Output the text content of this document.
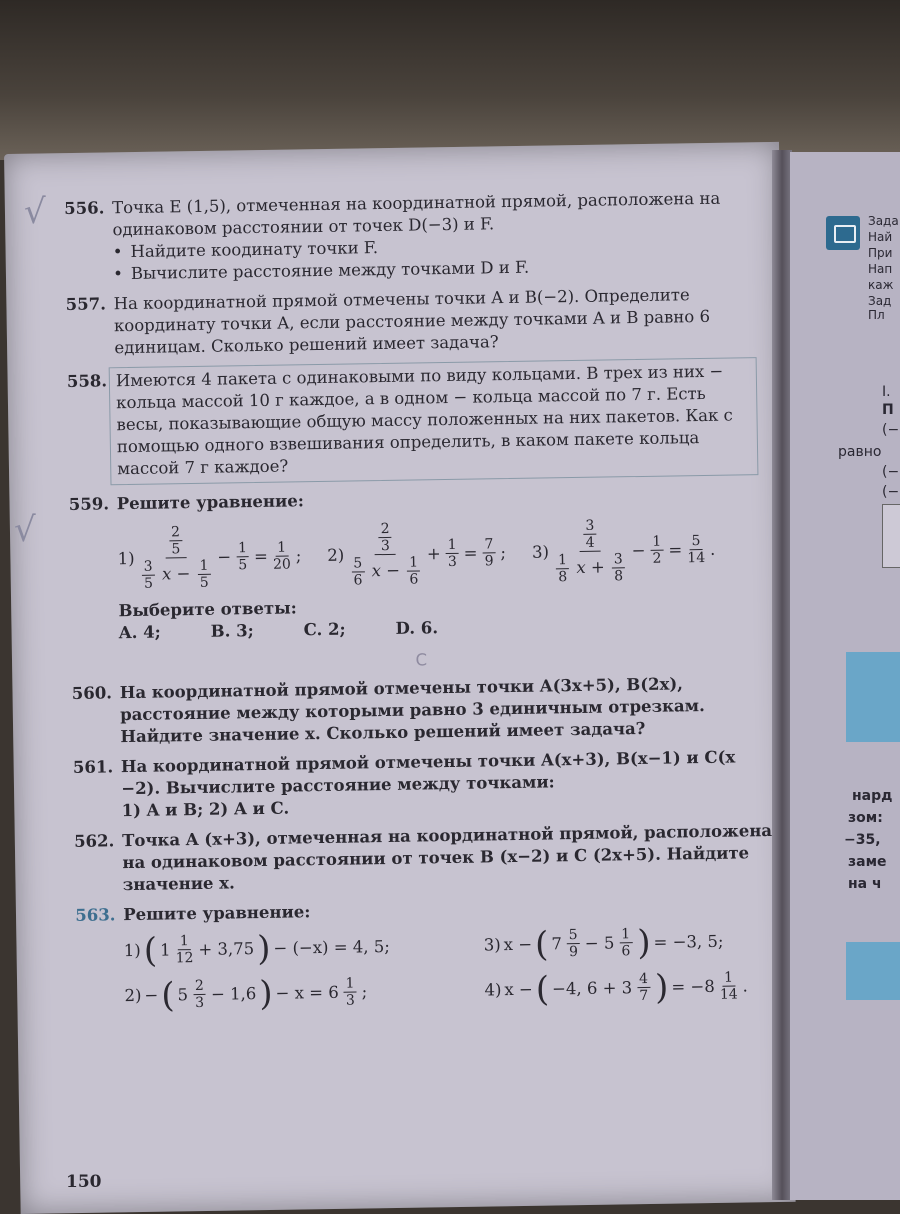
Зада
Най
При
Нап
каж
Зад
Пл
I.
П
(−
равно
(−
(−
нард
зом:
−35,
заме
на ч
√
√
556. Точка E (1,5), отмеченная на координатной прямой, расположена на одинаковом расстоянии от точек D(−3) и F.
• Найдите коодинату точки F.
• Вычислите расстояние между точками D и F.
557. На координатной прямой отмечены точки A и B(−2). Определите координату точки A, если расстояние между точками A и B равно 6 единицам. Сколько решений имеет задача?
558. Имеются 4 пакета с одинаковыми по виду кольцами. В трех из них − кольца массой 10 г каждое, а в одном − кольца массой по 7 г. Есть весы, показывающие общую массу положенных на них пакетов. Как с помощью одного взвешивания определить, в каком пакете кольца массой 7 г каждое?
559. Решите уравнение:
$1) \frac{\frac{2}{5}}{\frac{3}{5} x - \frac{1}{5}} - \frac{1}{5} = \frac{1}{20}$ ; $2) \frac{\frac{2}{3}}{\frac{5}{6} x - \frac{1}{6}} + \frac{1}{3} = \frac{7}{9}$ ; $3) \frac{\frac{3}{4}}{\frac{1}{8} x + \frac{3}{8}} - \frac{1}{2} = \frac{5}{14}$ .
Выберите ответы:
A. 4;	B. 3;	C. 2;	D. 6.
C
560. На координатной прямой отмечены точки A(3x+5), B(2x), расстояние между которыми равно 3 единичным отрезкам. Найдите значение x. Сколько решений имеет задача?
561. На координатной прямой отмечены точки A(x+3), B(x−1) и C(x −2). Вычислите расстояние между точками:
1) A и B; 2) A и C.
562. Точка A (x+3), отмеченная на координатной прямой, расположена на одинаковом расстоянии от точек B (x−2) и C (2x+5). Найдите значение x.
563. Решите уравнение:
1) ( $1 \frac{1}{12} + 3,75$ ) − (−x) = 4, 5;	3) x − ( $7 \frac{5}{9} - 5 \frac{1}{6}$ ) = −3, 5;
2) − ( $5 \frac{2}{3} - 1,6$ ) − $x = 6 \frac{1}{3}$ ;	4) x − ( −4, $6 + 3 \frac{4}{7}$ ) = $-8 \frac{1}{14}$ .
150
